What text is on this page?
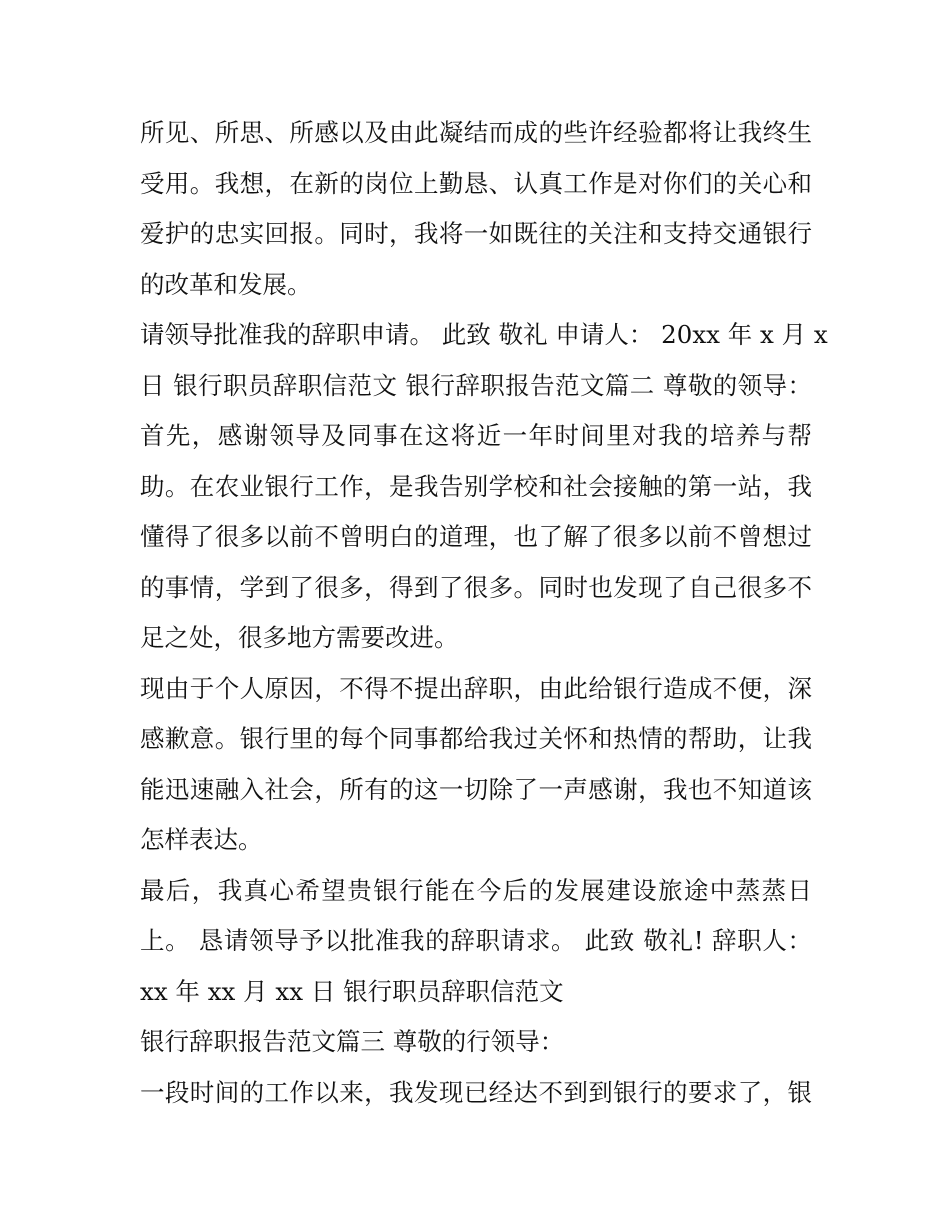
所见、所思、所感以及由此凝结而成的些许经验都将让我终生
受用。我想，在新的岗位上勤恳、认真工作是对你们的关心和
爱护的忠实回报。同时，我将一如既往的关注和支持交通银行
的改革和发展。
请领导批准我的辞职申请。 此致 敬礼 申请人： 20xx 年 x 月 x
日 银行职员辞职信范文 银行辞职报告范文篇二 尊敬的领导：
首先，感谢领导及同事在这将近一年时间里对我的培养与帮
助。在农业银行工作，是我告别学校和社会接触的第一站，我
懂得了很多以前不曾明白的道理，也了解了很多以前不曾想过
的事情，学到了很多，得到了很多。同时也发现了自己很多不
足之处，很多地方需要改进。
现由于个人原因，不得不提出辞职，由此给银行造成不便，深
感歉意。银行里的每个同事都给我过关怀和热情的帮助，让我
能迅速融入社会，所有的这一切除了一声感谢，我也不知道该
怎样表达。
最后，我真心希望贵银行能在今后的发展建设旅途中蒸蒸日
上。 恳请领导予以批准我的辞职请求。 此致 敬礼! 辞职人：
xx 年 xx 月 xx 日 银行职员辞职信范文
银行辞职报告范文篇三 尊敬的行领导：
一段时间的工作以来，我发现已经达不到到银行的要求了，银
